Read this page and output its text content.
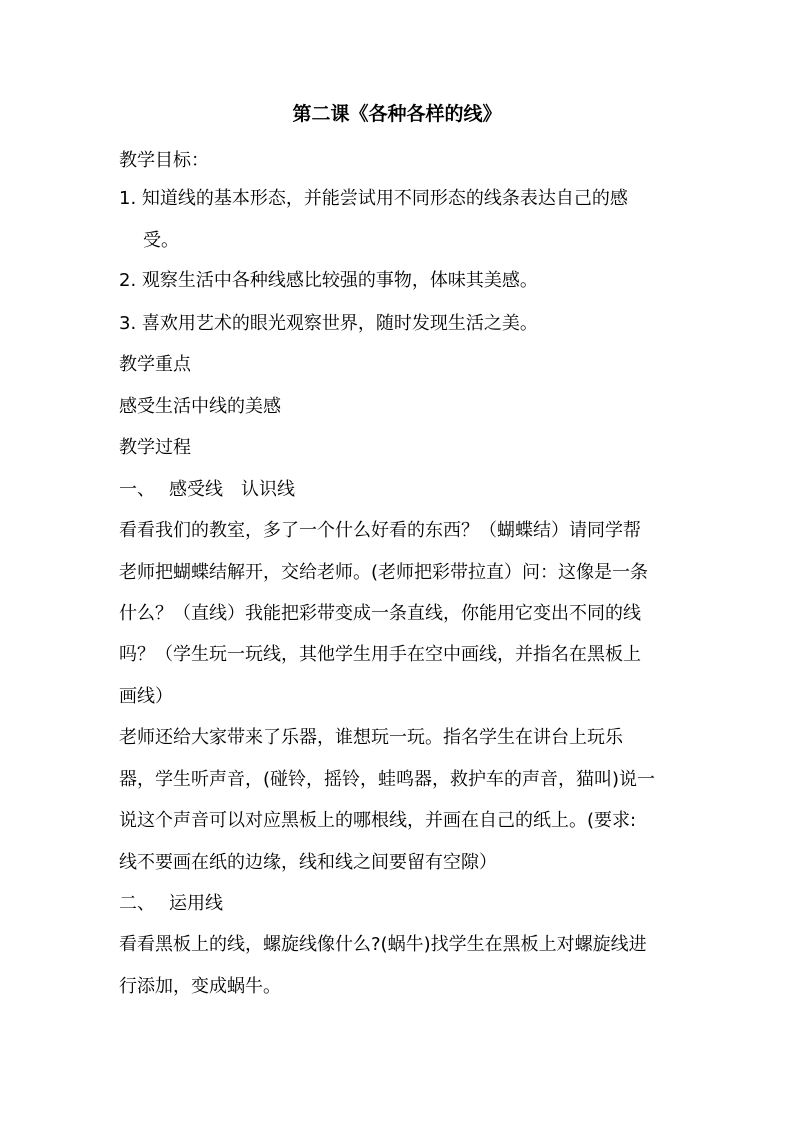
第二课《各种各样的线》
教学目标：
1. 知道线的基本形态，并能尝试用不同形态的线条表达自己的感
受。
2. 观察生活中各种线感比较强的事物，体味其美感。
3. 喜欢用艺术的眼光观察世界，随时发现生活之美。
教学重点
感受生活中线的美感
教学过程
一、 感受线　认识线
看看我们的教室，多了一个什么好看的东西？（蝴蝶结）请同学帮
老师把蝴蝶结解开，交给老师。(老师把彩带拉直）问：这像是一条
什么？（直线）我能把彩带变成一条直线，你能用它变出不同的线
吗？（学生玩一玩线，其他学生用手在空中画线，并指名在黑板上
画线）
老师还给大家带来了乐器，谁想玩一玩。指名学生在讲台上玩乐
器，学生听声音，(碰铃，摇铃，蛙鸣器，救护车的声音，猫叫)说一
说这个声音可以对应黑板上的哪根线，并画在自己的纸上。(要求:
线不要画在纸的边缘，线和线之间要留有空隙）
二、 运用线
看看黑板上的线，螺旋线像什么?(蜗牛)找学生在黑板上对螺旋线进
行添加，变成蜗牛。
